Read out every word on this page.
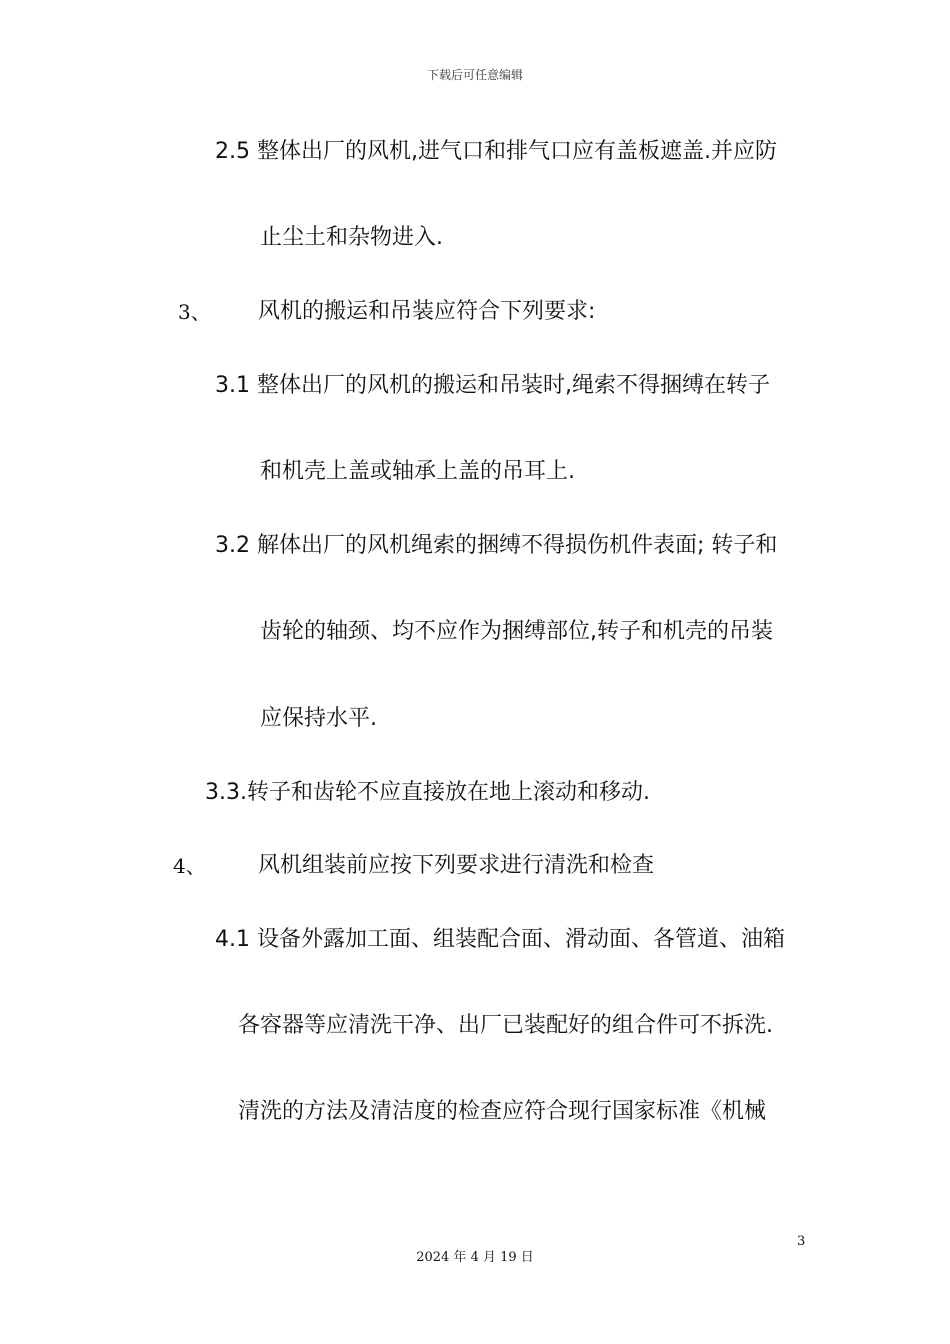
下载后可任意编辑
2.5 整体出厂的风机,进气口和排气口应有盖板遮盖.并应防
止尘土和杂物进入.
3、 风机的搬运和吊装应符合下列要求:
3.1 整体出厂的风机的搬运和吊装时,绳索不得捆缚在转子
和机壳上盖或轴承上盖的吊耳上.
3.2 解体出厂的风机绳索的捆缚不得损伤机件表面; 转子和
齿轮的轴颈、均不应作为捆缚部位,转子和机壳的吊装
应保持水平.
3.3.转子和齿轮不应直接放在地上滚动和移动.
4、 风机组装前应按下列要求进行清洗和检查
4.1 设备外露加工面、组装配合面、滑动面、各管道、油箱
各容器等应清洗干净、出厂已装配好的组合件可不拆洗.
清洗的方法及清洁度的检查应符合现行国家标准《机械
3
2024 年 4 月 19 日
